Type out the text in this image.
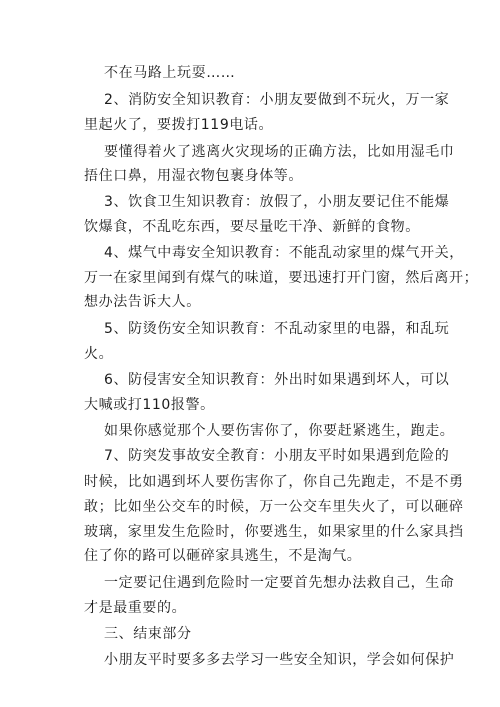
不在马路上玩耍……
2、消防安全知识教育：小朋友要做到不玩火，万一家
里起火了，要拨打119电话。
要懂得着火了逃离火灾现场的正确方法，比如用湿毛巾
捂住口鼻，用湿衣物包裹身体等。
3、饮食卫生知识教育：放假了，小朋友要记住不能爆
饮爆食，不乱吃东西，要尽量吃干净、新鲜的食物。
4、煤气中毒安全知识教育：不能乱动家里的煤气开关，
万一在家里闻到有煤气的味道，要迅速打开门窗，然后离开；
想办法告诉大人。
5、防烫伤安全知识教育：不乱动家里的电器，和乱玩
火。
6、防侵害安全知识教育：外出时如果遇到坏人，可以
大喊或打110报警。
如果你感觉那个人要伤害你了，你要赶紧逃生，跑走。
7、防突发事故安全教育：小朋友平时如果遇到危险的
时候，比如遇到坏人要伤害你了，你自己先跑走，不是不勇
敢；比如坐公交车的时候，万一公交车里失火了，可以砸碎
玻璃，家里发生危险时，你要逃生，如果家里的什么家具挡
住了你的路可以砸碎家具逃生，不是淘气。
一定要记住遇到危险时一定要首先想办法救自己，生命
才是最重要的。
三、结束部分
小朋友平时要多多去学习一些安全知识，学会如何保护
